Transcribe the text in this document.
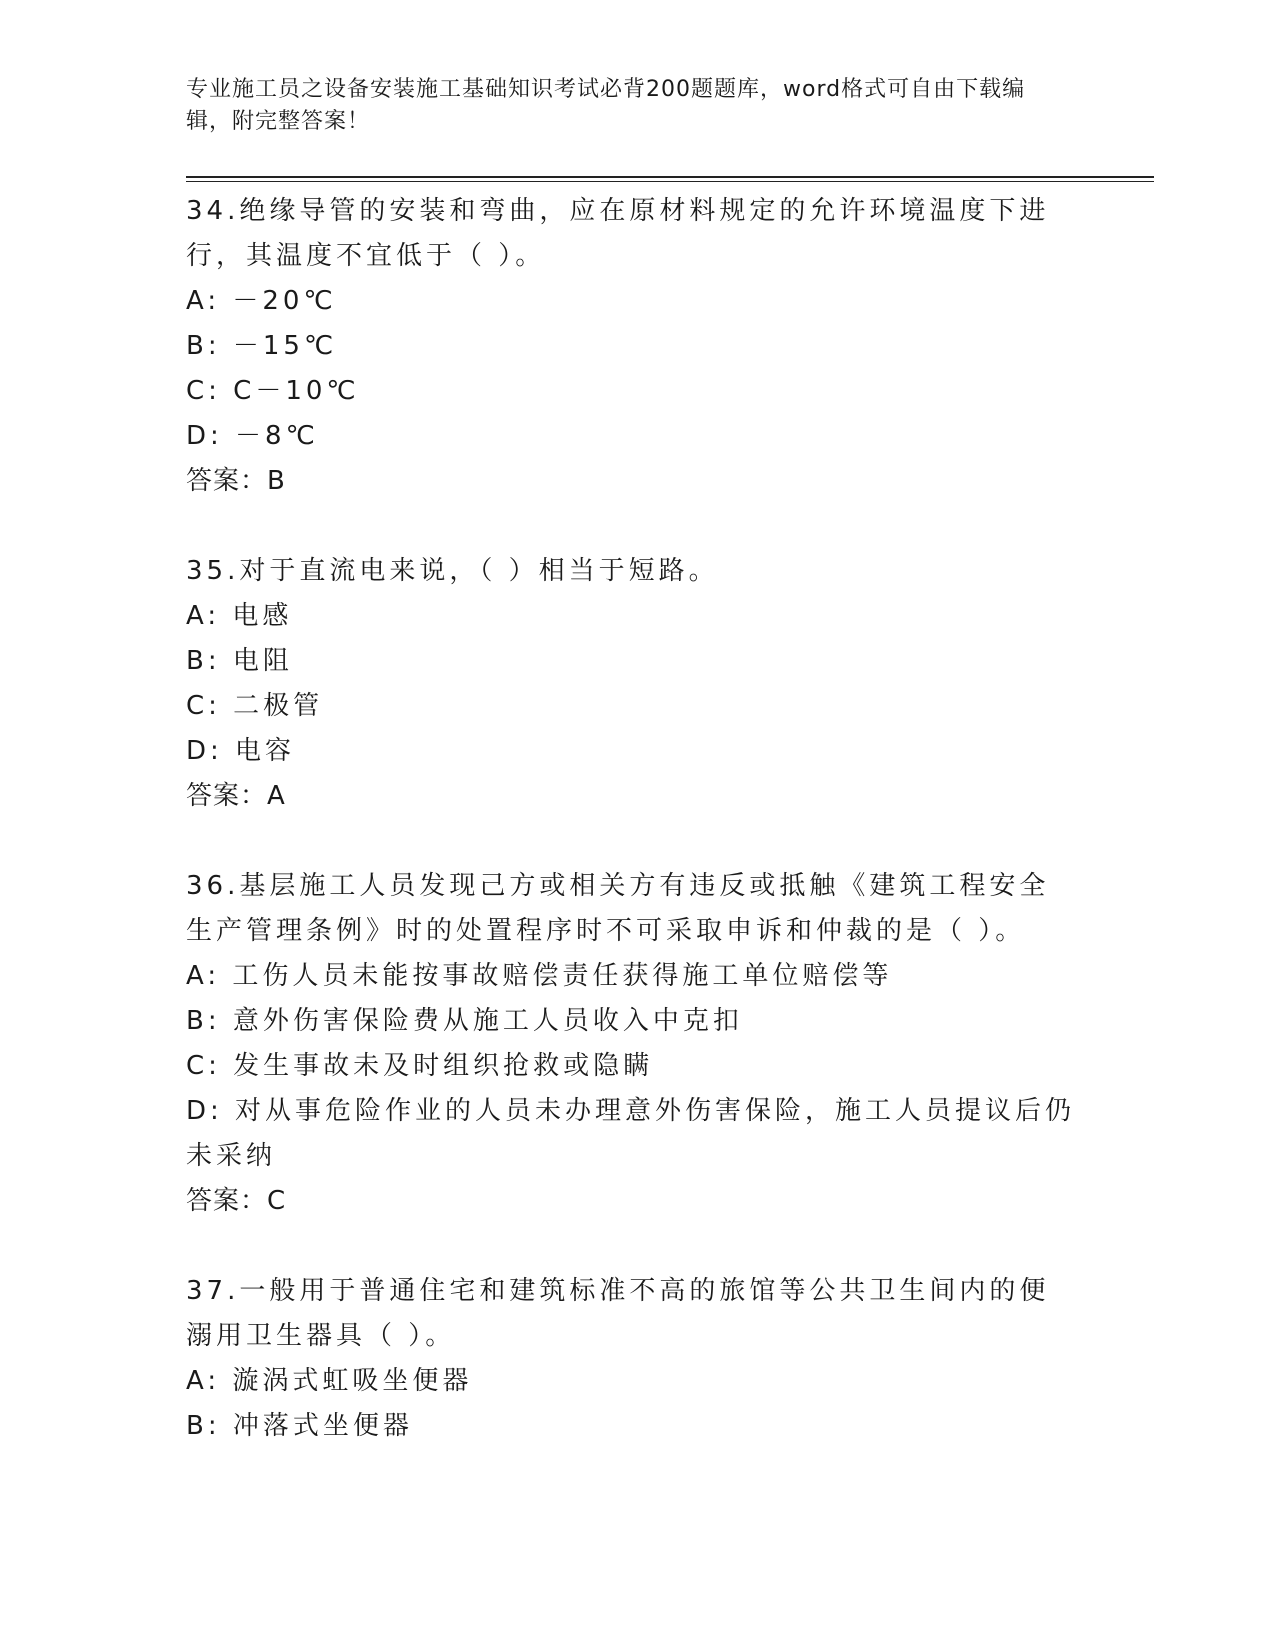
专业施工员之设备安装施工基础知识考试必背200题题库，word格式可自由下载编辑，附完整答案！
34.绝缘导管的安装和弯曲，应在原材料规定的允许环境温度下进行，其温度不宜低于（ ）。
A: －20℃
B: －15℃
C: C－10℃
D: －8℃
答案：B
35.对于直流电来说，（ ）相当于短路。
A: 电感
B: 电阻
C: 二极管
D: 电容
答案：A
36.基层施工人员发现己方或相关方有违反或抵触《建筑工程安全生产管理条例》时的处置程序时不可采取申诉和仲裁的是（ ）。
A: 工伤人员未能按事故赔偿责任获得施工单位赔偿等
B: 意外伤害保险费从施工人员收入中克扣
C: 发生事故未及时组织抢救或隐瞒
D: 对从事危险作业的人员未办理意外伤害保险，施工人员提议后仍未采纳
答案：C
37.一般用于普通住宅和建筑标准不高的旅馆等公共卫生间内的便溺用卫生器具（ ）。
A: 漩涡式虹吸坐便器
B: 冲落式坐便器
